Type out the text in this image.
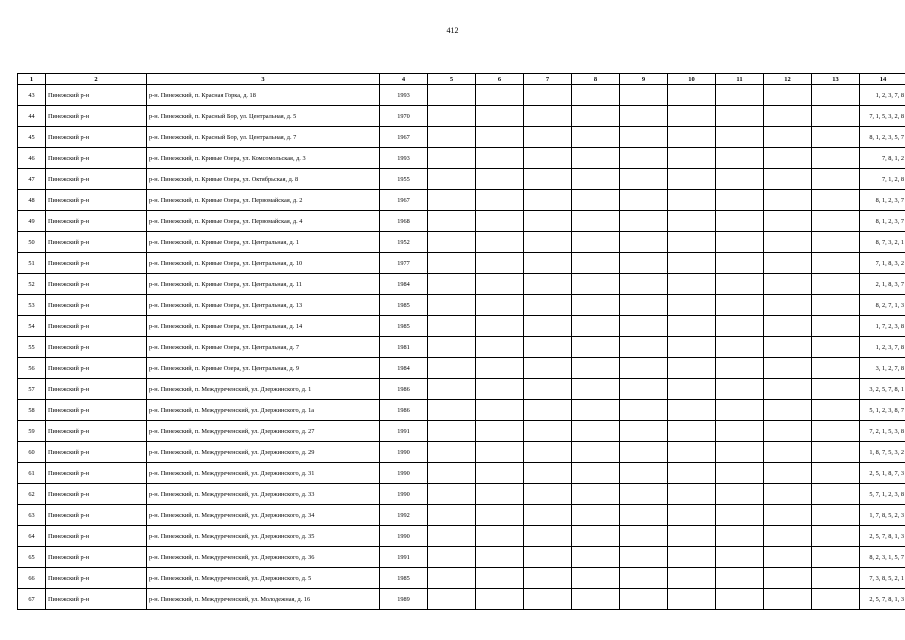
412
1	2	3	4	5	6	7	8	9	10	11	12	13	14
43	Пинежский р-н	р-н. Пинежский, п. Красная Горка, д. 18	1993										1, 2, 3, 7, 8
44	Пинежский р-н	р-н. Пинежский, п. Красный Бор, ул. Центральная, д. 5	1970										7, 1, 5, 3, 2, 8
45	Пинежский р-н	р-н. Пинежский, п. Красный Бор, ул. Центральная, д. 7	1967										8, 1, 2, 3, 5, 7
46	Пинежский р-н	р-н. Пинежский, п. Кривые Озера, ул. Комсомольская, д. 3	1993										7, 8, 1, 2
47	Пинежский р-н	р-н. Пинежский, п. Кривые Озера, ул. Октябрьская, д. 8	1955										7, 1, 2, 8
48	Пинежский р-н	р-н. Пинежский, п. Кривые Озера, ул. Первомайская, д. 2	1967										8, 1, 2, 3, 7
49	Пинежский р-н	р-н. Пинежский, п. Кривые Озера, ул. Первомайская, д. 4	1968										8, 1, 2, 3, 7
50	Пинежский р-н	р-н. Пинежский, п. Кривые Озера, ул. Центральная, д. 1	1952										8, 7, 3, 2, 1
51	Пинежский р-н	р-н. Пинежский, п. Кривые Озера, ул. Центральная, д. 10	1977										7, 1, 8, 3, 2
52	Пинежский р-н	р-н. Пинежский, п. Кривые Озера, ул. Центральная, д. 11	1984										2, 1, 8, 3, 7
53	Пинежский р-н	р-н. Пинежский, п. Кривые Озера, ул. Центральная, д. 13	1985										8, 2, 7, 1, 3
54	Пинежский р-н	р-н. Пинежский, п. Кривые Озера, ул. Центральная, д. 14	1985										1, 7, 2, 3, 8
55	Пинежский р-н	р-н. Пинежский, п. Кривые Озера, ул. Центральная, д. 7	1981										1, 2, 3, 7, 8
56	Пинежский р-н	р-н. Пинежский, п. Кривые Озера, ул. Центральная, д. 9	1984										3, 1, 2, 7, 8
57	Пинежский р-н	р-н. Пинежский, п. Междуреченский, ул. Дзержинского, д. 1	1986										3, 2, 5, 7, 8, 1
58	Пинежский р-н	р-н. Пинежский, п. Междуреченский, ул. Дзержинского, д. 1а	1986										5, 1, 2, 3, 8, 7
59	Пинежский р-н	р-н. Пинежский, п. Междуреченский, ул. Дзержинского, д. 27	1991										7, 2, 1, 5, 3, 8
60	Пинежский р-н	р-н. Пинежский, п. Междуреченский, ул. Дзержинского, д. 29	1990										1, 8, 7, 5, 3, 2
61	Пинежский р-н	р-н. Пинежский, п. Междуреченский, ул. Дзержинского, д. 31	1990										2, 5, 1, 8, 7, 3
62	Пинежский р-н	р-н. Пинежский, п. Междуреченский, ул. Дзержинского, д. 33	1990										5, 7, 1, 2, 3, 8
63	Пинежский р-н	р-н. Пинежский, п. Междуреченский, ул. Дзержинского, д. 34	1992										1, 7, 8, 5, 2, 3
64	Пинежский р-н	р-н. Пинежский, п. Междуреченский, ул. Дзержинского, д. 35	1990										2, 5, 7, 8, 1, 3
65	Пинежский р-н	р-н. Пинежский, п. Междуреченский, ул. Дзержинского, д. 36	1991										8, 2, 3, 1, 5, 7
66	Пинежский р-н	р-н. Пинежский, п. Междуреченский, ул. Дзержинского, д. 5	1985										7, 3, 8, 5, 2, 1
67	Пинежский р-н	р-н. Пинежский, п. Междуреченский, ул. Молодежная, д. 16	1989										2, 5, 7, 8, 1, 3
